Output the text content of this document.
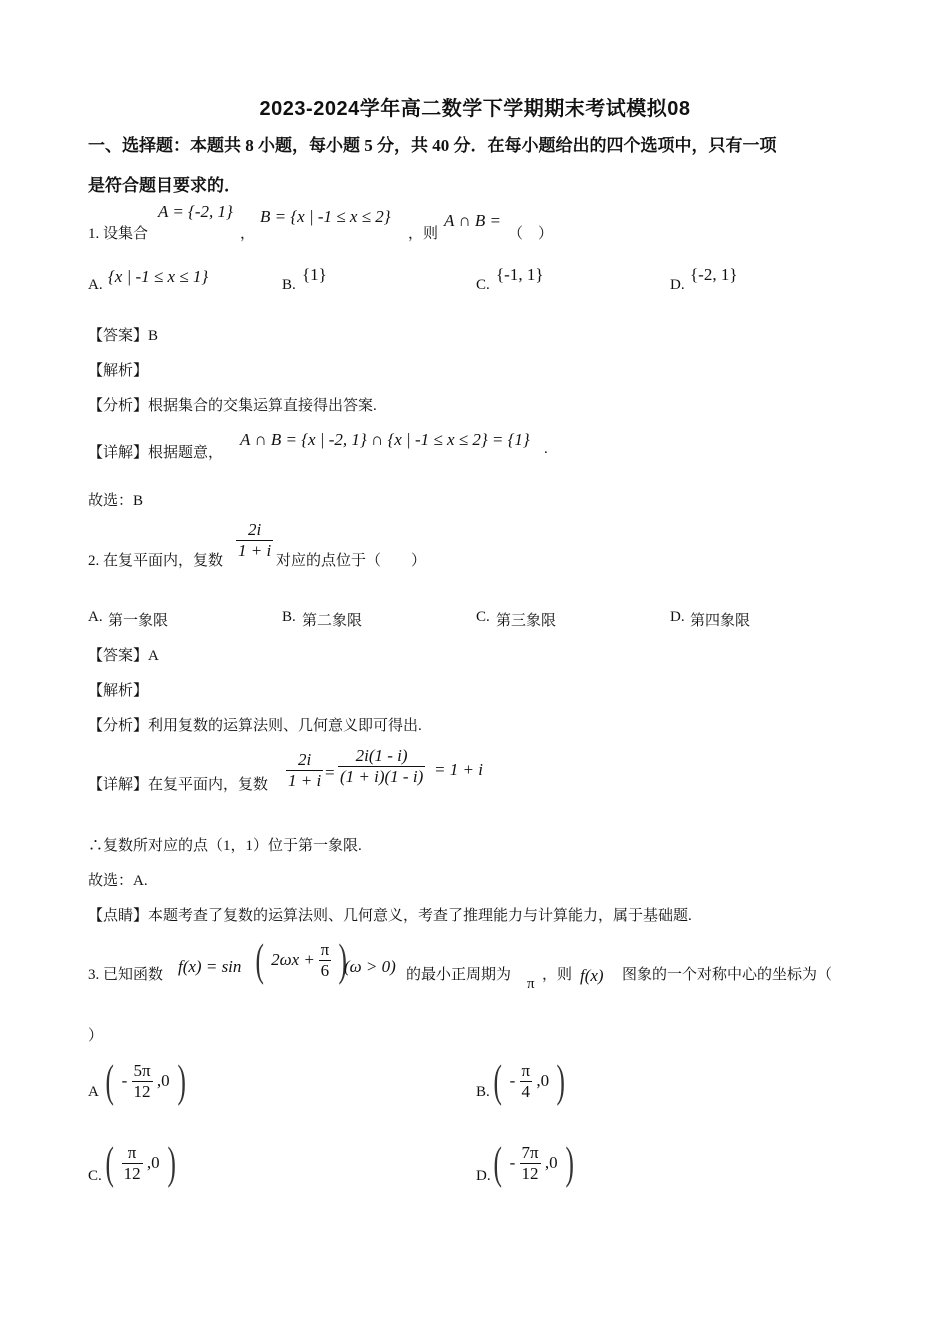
2023-2024学年高二数学下学期期末考试模拟08
一、选择题：本题共 8 小题，每小题 5 分，共 40 分．在每小题给出的四个选项中，只有一项
是符合题目要求的．
1. 设集合
A = {-2, 1}
，
B = {x | -1 ≤ x ≤ 2}
，则
A ∩ B =
（　）
A. {x | -1 ≤ x ≤ 1}	B.
{1}
C.
{-1, 1}
D.
{-2, 1}
【答案】B
【解析】
【分析】根据集合的交集运算直接得出答案.
【详解】根据题意，
A ∩ B = {x | -2, 1} ∩ {x | -1 ≤ x ≤ 2} = {1} .
故选：B
2. 在复平面内，复数 $\frac{2i}{1 + i}$ 对应的点位于（　　）
A. 第一象限	B. 第二象限	C. 第三象限	D. 第四象限
【答案】A
【解析】
【分析】利用复数的运算法则、几何意义即可得出.
【详解】在复平面内，复数 $\frac{2i}{1 + i} = \frac{2i(1 - i)}{(1 + i)(1 - i)} = 1 + i$
∴复数所对应的点（1，1）位于第一象限.
故选：A.
【点睛】本题考查了复数的运算法则、几何意义，考查了推理能力与计算能力，属于基础题.
3. 已知函数 f(x) = sin ( $2\omega x + \frac{\pi}{6}$ )
(ω > 0) 的最小正周期为
π
，则 f(x) 图象的一个对称中心的坐标为（
）
A ( - $\frac{5\pi}{12} ,0$ )	B. ( - $\frac{\pi}{4} ,0$ )
C. ( $\frac{\pi}{12} ,0$ )	D. ( - $\frac{7\pi}{12} ,0$ )
